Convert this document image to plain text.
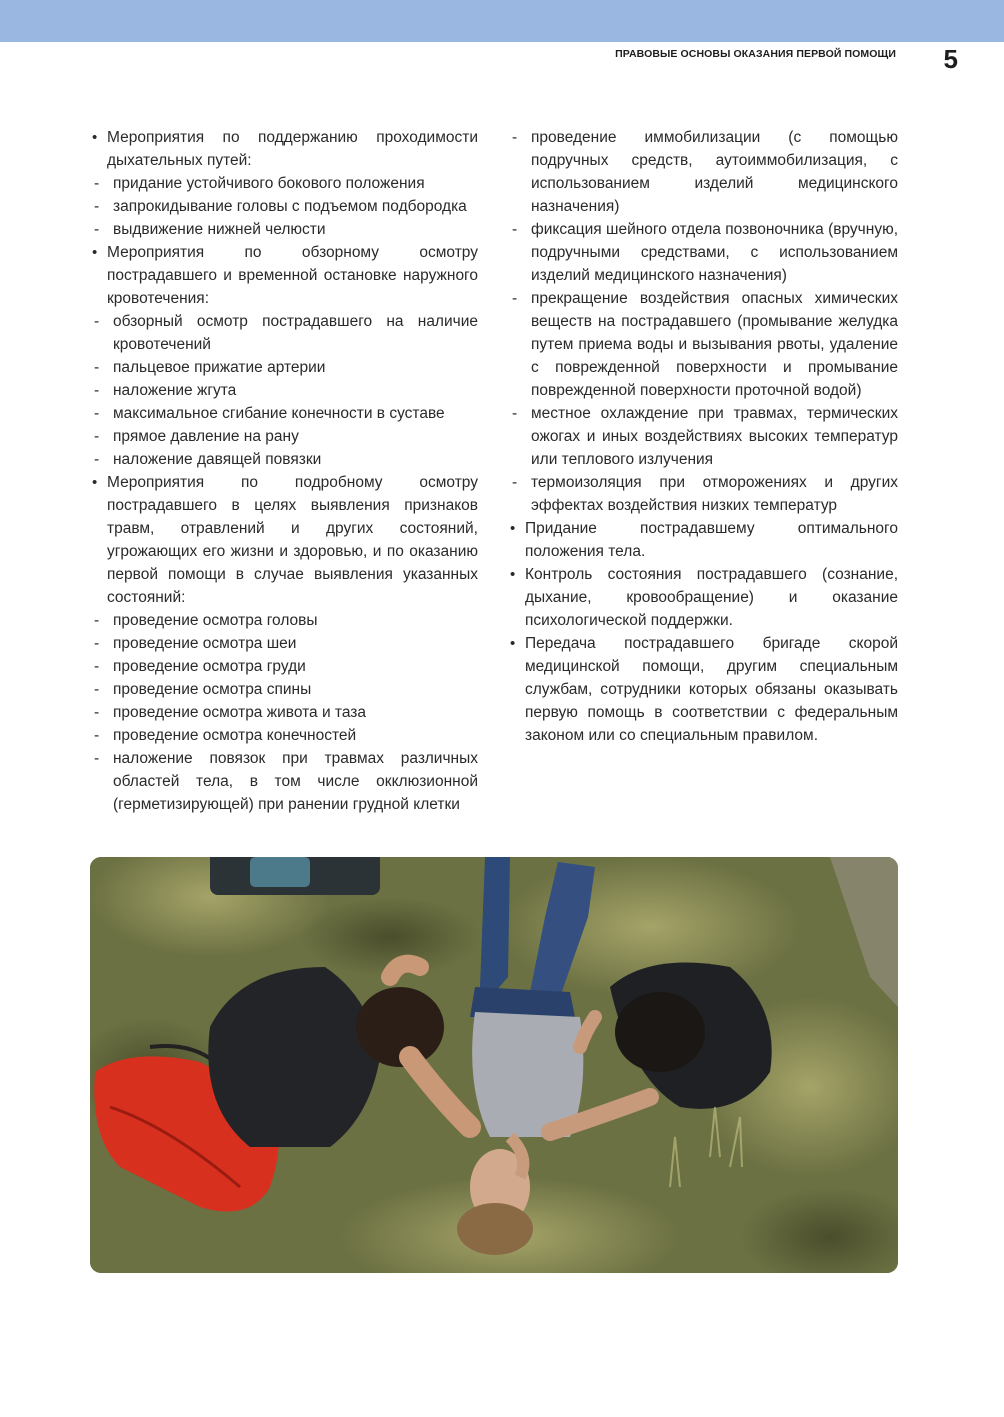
ПРАВОВЫЕ ОСНОВЫ ОКАЗАНИЯ ПЕРВОЙ ПОМОЩИ 5
• Мероприятия по поддержанию проходимости дыхательных путей:
- придание устойчивого бокового положения
- запрокидывание головы с подъемом подбородка
- выдвижение нижней челюсти
• Мероприятия по обзорному осмотру пострадавшего и временной остановке наружного кровотечения:
- обзорный осмотр пострадавшего на наличие кровотечений
- пальцевое прижатие артерии
- наложение жгута
- максимальное сгибание конечности в суставе
- прямое давление на рану
- наложение давящей повязки
• Мероприятия по подробному осмотру пострадавшего в целях выявления признаков травм, отравлений и других состояний, угрожающих его жизни и здоровью, и по оказанию первой помощи в случае выявления указанных состояний:
- проведение осмотра головы
- проведение осмотра шеи
- проведение осмотра груди
- проведение осмотра спины
- проведение осмотра живота и таза
- проведение осмотра конечностей
- наложение повязок при травмах различных областей тела, в том числе окклюзионной (герметизирующей) при ранении грудной клетки
- проведение иммобилизации (с помощью подручных средств, аутоиммобилизация, с использованием изделий медицинского назначения)
- фиксация шейного отдела позвоночника (вручную, подручными средствами, с использованием изделий медицинского назначения)
- прекращение воздействия опасных химических веществ на пострадавшего (промывание желудка путем приема воды и вызывания рвоты, удаление с поврежденной поверхности и промывание поврежденной поверхности проточной водой)
- местное охлаждение при травмах, термических ожогах и иных воздействиях высоких температур или теплового излучения
- термоизоляция при отморожениях и других эффектах воздействия низких температур
• Придание пострадавшему оптимального положения тела.
• Контроль состояния пострадавшего (сознание, дыхание, кровообращение) и оказание психологической поддержки.
• Передача пострадавшего бригаде скорой медицинской помощи, другим специальным службам, сотрудники которых обязаны оказывать первую помощь в соответствии с федеральным законом или со специальным правилом.
